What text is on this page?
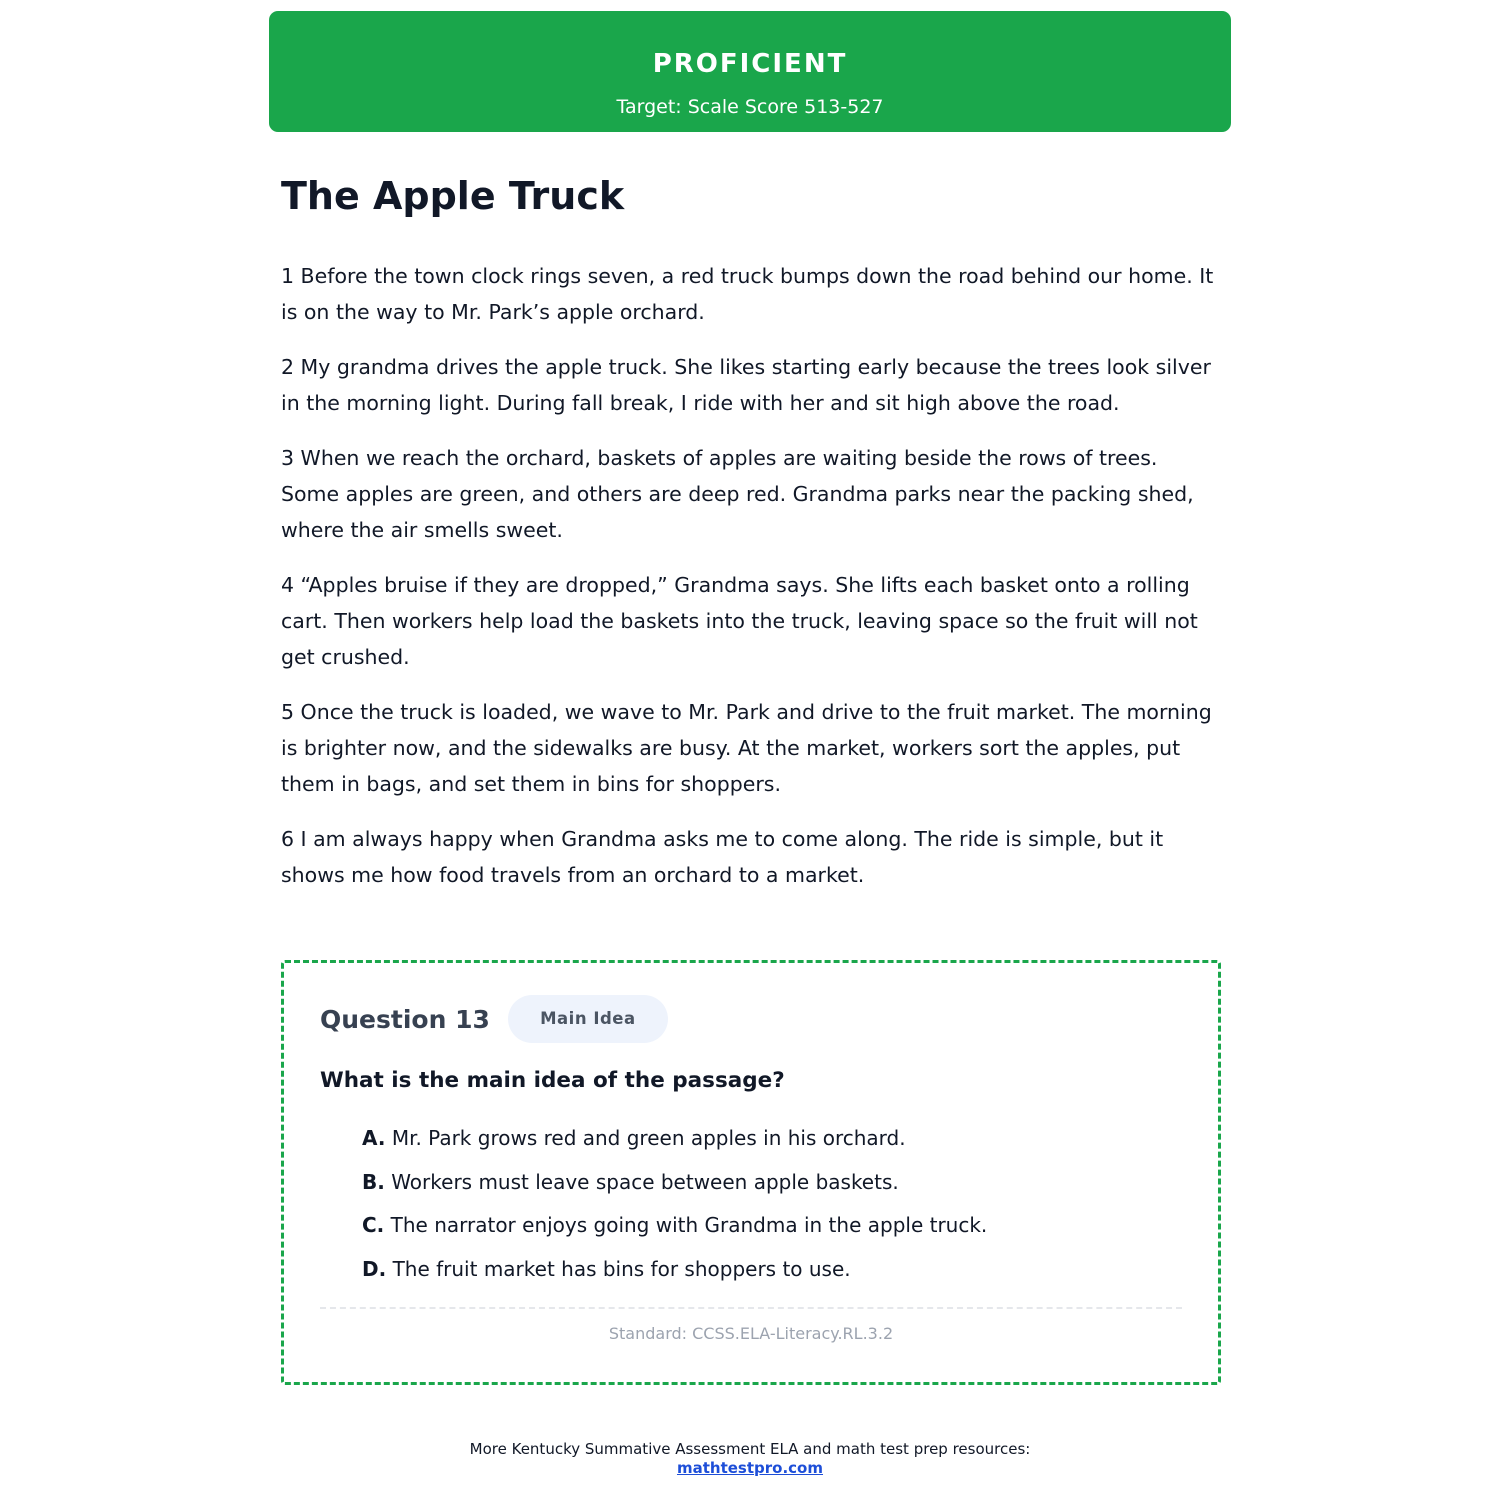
PROFICIENT
Target: Scale Score 513-527
The Apple Truck

1 Before the town clock rings seven, a red truck bumps down the road behind our home. It is on the way to Mr. Park’s apple orchard.

2 My grandma drives the apple truck. She likes starting early because the trees look silver in the morning light. During fall break, I ride with her and sit high above the road.

3 When we reach the orchard, baskets of apples are waiting beside the rows of trees. Some apples are green, and others are deep red. Grandma parks near the packing shed, where the air smells sweet.

4 “Apples bruise if they are dropped,” Grandma says. She lifts each basket onto a rolling cart. Then workers help load the baskets into the truck, leaving space so the fruit will not get crushed.

5 Once the truck is loaded, we wave to Mr. Park and drive to the fruit market. The morning is brighter now, and the sidewalks are busy. At the market, workers sort the apples, put them in bags, and set them in bins for shoppers.

6 I am always happy when Grandma asks me to come along. The ride is simple, but it shows me how food travels from an orchard to a market.

Question 13	Main Idea
What is the main idea of the passage?
A. Mr. Park grows red and green apples in his orchard.
B. Workers must leave space between apple baskets.
C. The narrator enjoys going with Grandma in the apple truck.
D. The fruit market has bins for shoppers to use.
Standard: CCSS.ELA-Literacy.RL.3.2
More Kentucky Summative Assessment ELA and math test prep resources:
mathtestpro.com
